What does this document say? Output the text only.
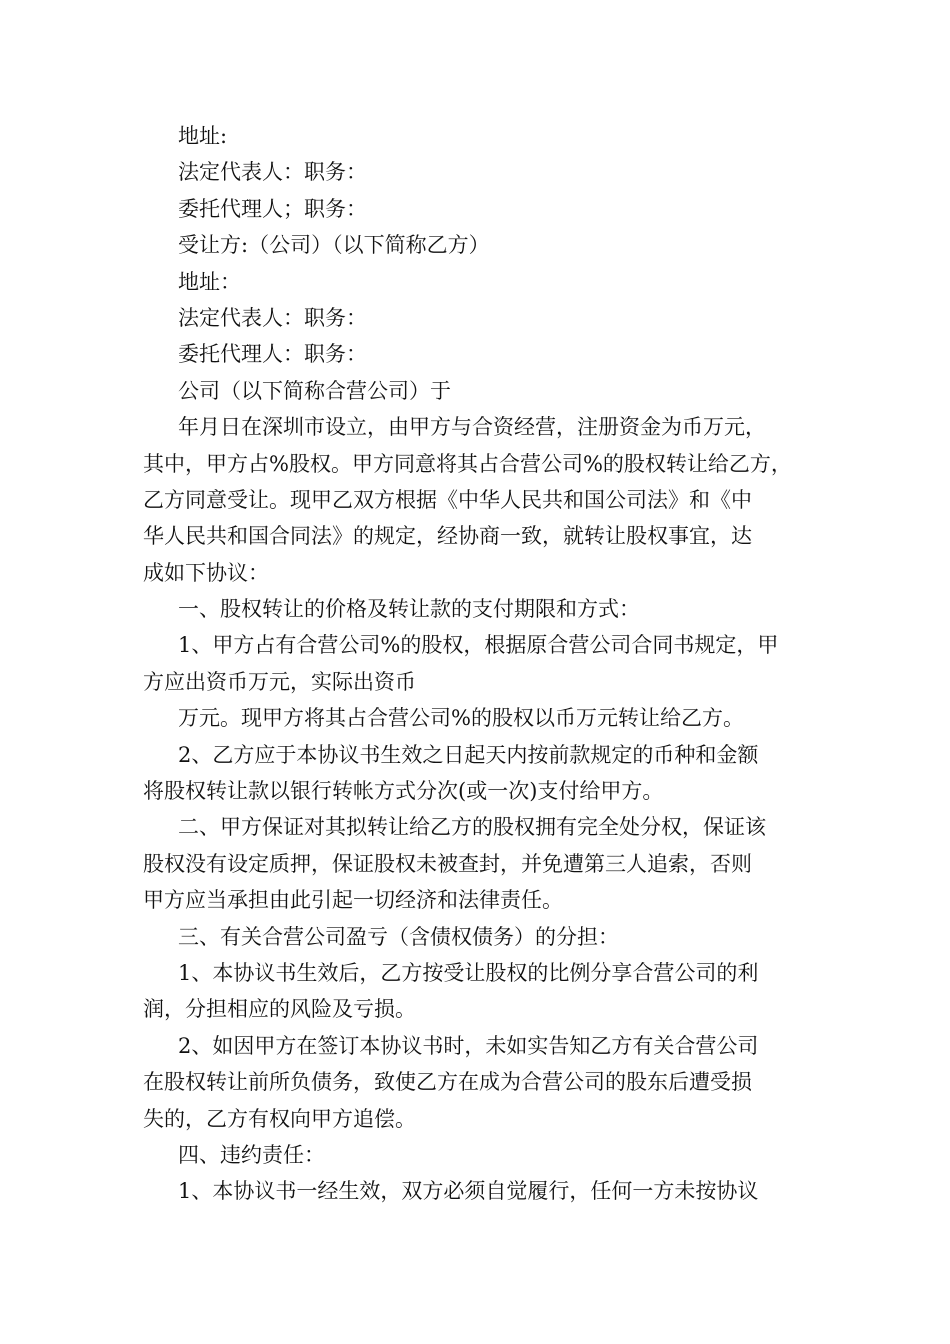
地址:
法定代表人：职务：
委托代理人；职务：
受让方:（公司）（以下简称乙方）
地址：
法定代表人：职务：
委托代理人：职务：
公司（以下简称合营公司）于
年月日在深圳市设立，由甲方与合资经营，注册资金为币万元，
其中，甲方占%股权。甲方同意将其占合营公司%的股权转让给乙方，
乙方同意受让。现甲乙双方根据《中华人民共和国公司法》和《中
华人民共和国合同法》的规定，经协商一致，就转让股权事宜，达
成如下协议：
一、股权转让的价格及转让款的支付期限和方式：
1、甲方占有合营公司%的股权，根据原合营公司合同书规定，甲
方应出资币万元，实际出资币
万元。现甲方将其占合营公司%的股权以币万元转让给乙方。
2、乙方应于本协议书生效之日起天内按前款规定的币种和金额
将股权转让款以银行转帐方式分次(或一次)支付给甲方。
二、甲方保证对其拟转让给乙方的股权拥有完全处分权，保证该
股权没有设定质押，保证股权未被查封，并免遭第三人追索，否则
甲方应当承担由此引起一切经济和法律责任。
三、有关合营公司盈亏（含债权债务）的分担：
1、本协议书生效后，乙方按受让股权的比例分享合营公司的利
润，分担相应的风险及亏损。
2、如因甲方在签订本协议书时，未如实告知乙方有关合营公司
在股权转让前所负债务，致使乙方在成为合营公司的股东后遭受损
失的，乙方有权向甲方追偿。
四、违约责任：
1、本协议书一经生效，双方必须自觉履行，任何一方未按协议
